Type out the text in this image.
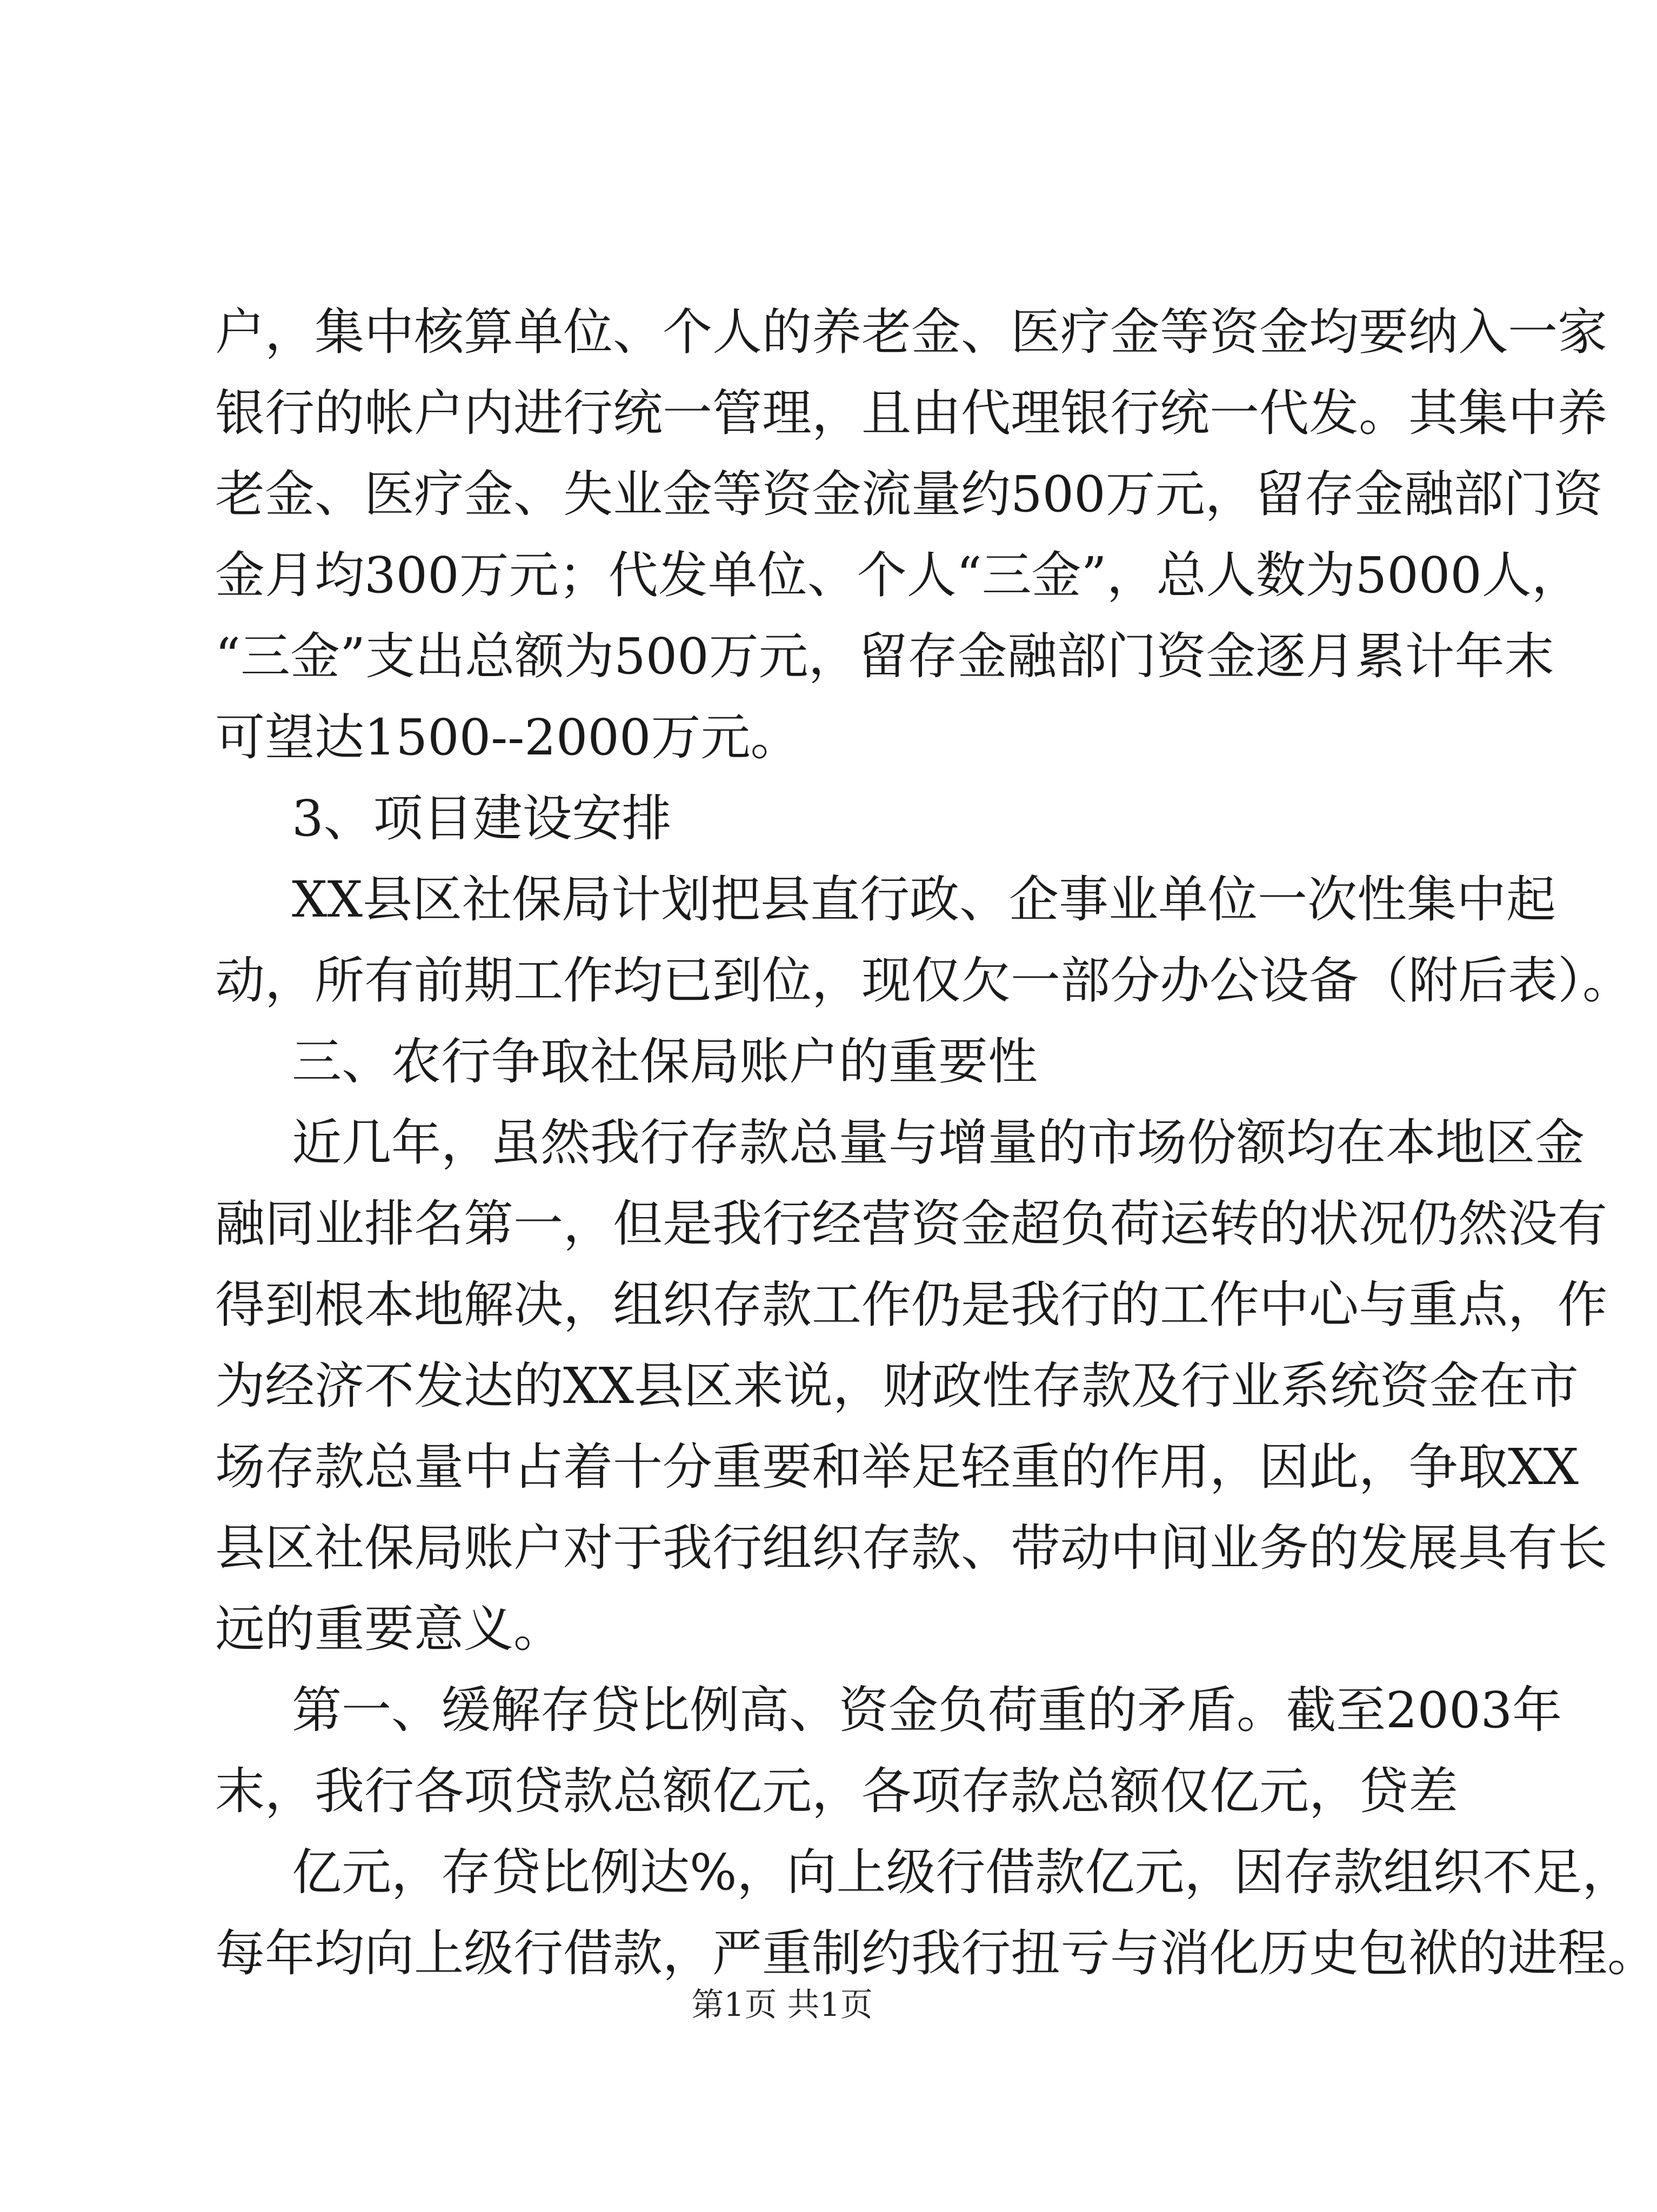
户，集中核算单位、个人的养老金、医疗金等资金均要纳入一家
银行的帐户内进行统一管理，且由代理银行统一代发。其集中养
老金、医疗金、失业金等资金流量约500万元，留存金融部门资
金月均300万元；代发单位、个人“三金”，总人数为5000人，
“三金”支出总额为500万元，留存金融部门资金逐月累计年末
可望达1500--2000万元。
3、项目建设安排
XX县区社保局计划把县直行政、企事业单位一次性集中起
动，所有前期工作均已到位，现仅欠一部分办公设备（附后表）。
三、农行争取社保局账户的重要性
近几年，虽然我行存款总量与增量的市场份额均在本地区金
融同业排名第一，但是我行经营资金超负荷运转的状况仍然没有
得到根本地解决，组织存款工作仍是我行的工作中心与重点，作
为经济不发达的XX县区来说，财政性存款及行业系统资金在市
场存款总量中占着十分重要和举足轻重的作用，因此，争取XX
县区社保局账户对于我行组织存款、带动中间业务的发展具有长
远的重要意义。
第一、缓解存贷比例高、资金负荷重的矛盾。截至2003年
末，我行各项贷款总额亿元，各项存款总额仅亿元，贷差
亿元，存贷比例达%，向上级行借款亿元，因存款组织不足，
每年均向上级行借款，严重制约我行扭亏与消化历史包袱的进程。
第1页 共1页
